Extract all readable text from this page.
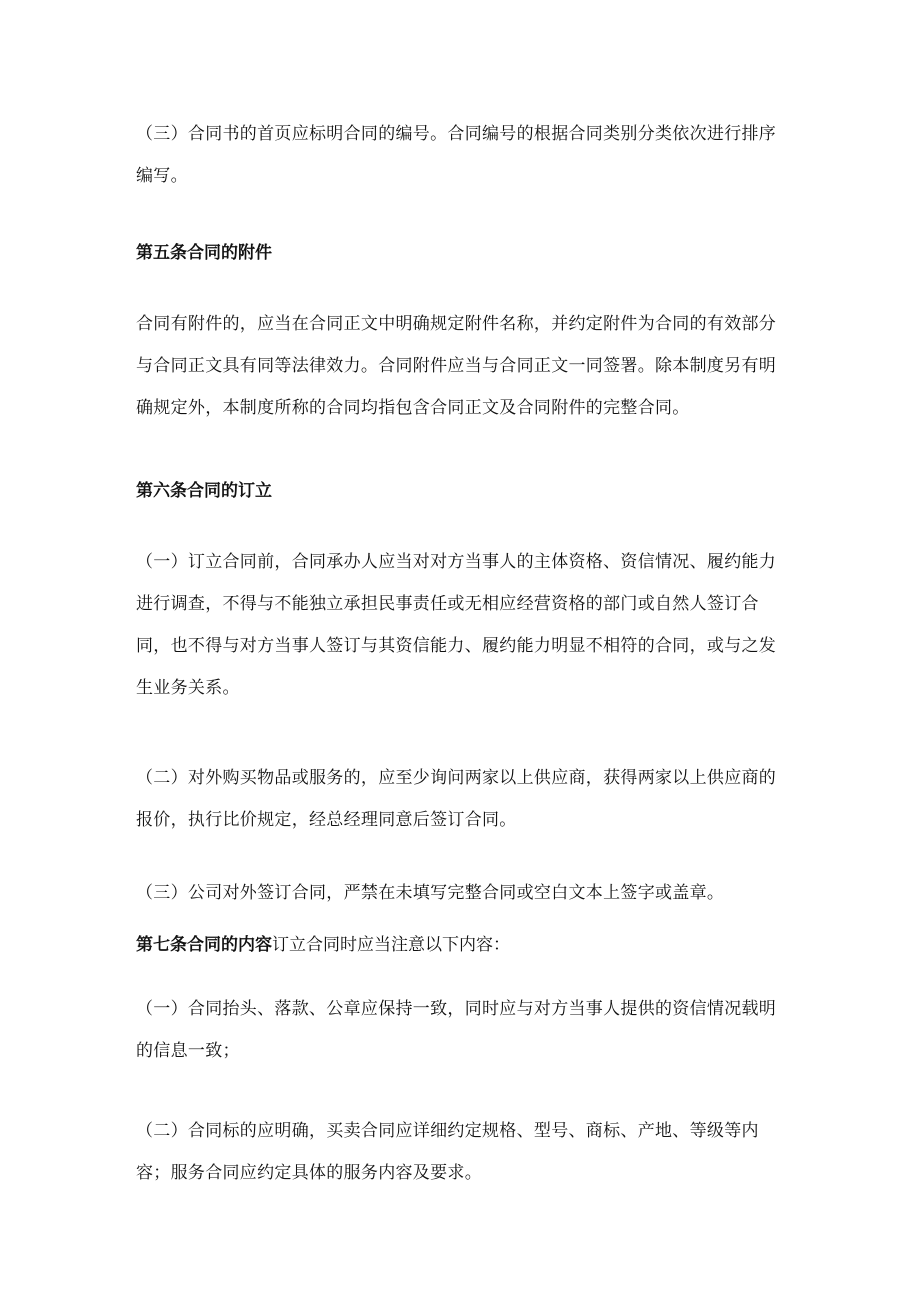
（三）合同书的首页应标明合同的编号。合同编号的根据合同类别分类依次进行排序编写。
第五条合同的附件
合同有附件的，应当在合同正文中明确规定附件名称，并约定附件为合同的有效部分与合同正文具有同等法律效力。合同附件应当与合同正文一同签署。除本制度另有明确规定外，本制度所称的合同均指包含合同正文及合同附件的完整合同。
第六条合同的订立
（一）订立合同前，合同承办人应当对对方当事人的主体资格、资信情况、履约能力进行调查，不得与不能独立承担民事责任或无相应经营资格的部门或自然人签订合同，也不得与对方当事人签订与其资信能力、履约能力明显不相符的合同，或与之发生业务关系。
（二）对外购买物品或服务的，应至少询问两家以上供应商，获得两家以上供应商的报价，执行比价规定，经总经理同意后签订合同。
（三）公司对外签订合同，严禁在未填写完整合同或空白文本上签字或盖章。
第七条合同的内容订立合同时应当注意以下内容：
（一）合同抬头、落款、公章应保持一致，同时应与对方当事人提供的资信情况载明的信息一致；
（二）合同标的应明确，买卖合同应详细约定规格、型号、商标、产地、等级等内容；服务合同应约定具体的服务内容及要求。
